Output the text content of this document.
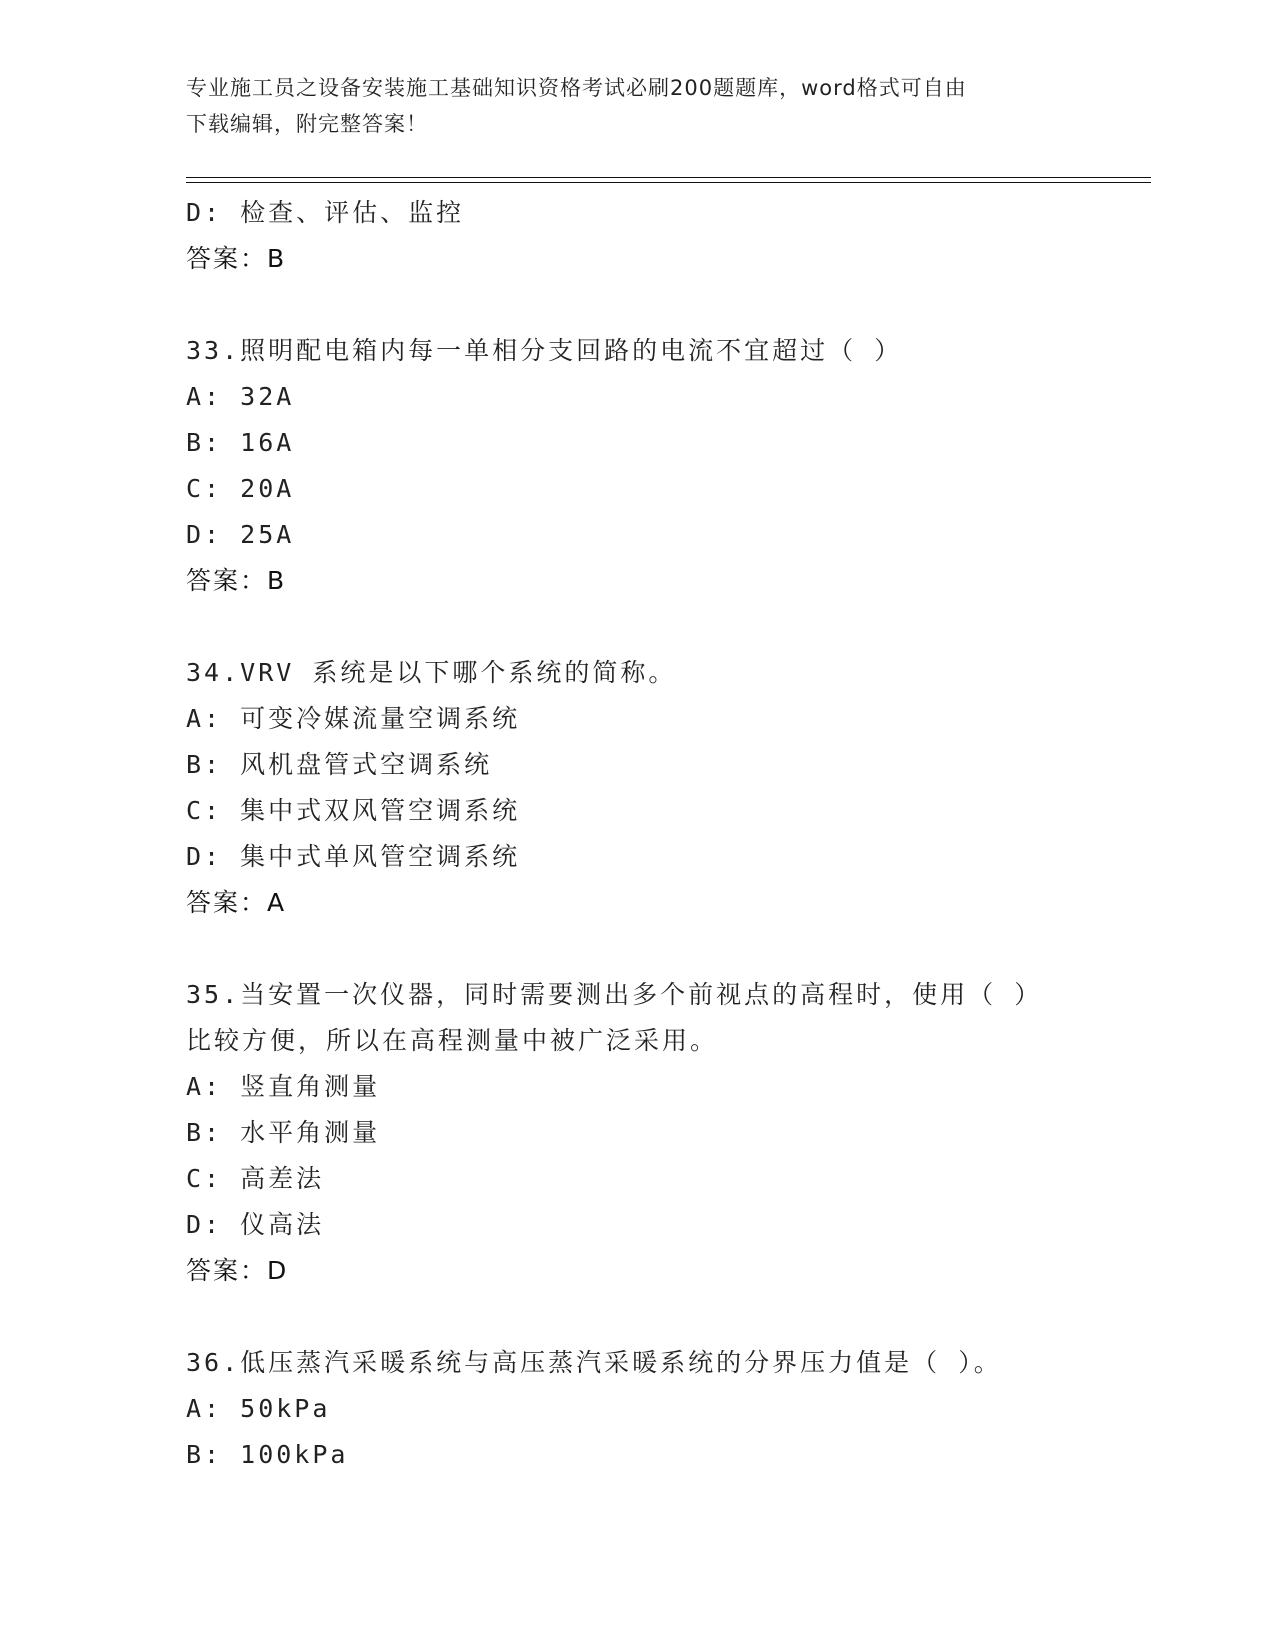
专业施工员之设备安装施工基础知识资格考试必刷200题题库，word格式可自由
下载编辑，附完整答案！
D: 检查、评估、监控
答案：B
33.照明配电箱内每一单相分支回路的电流不宜超过（ ）
A: 32A
B: 16A
C: 20A
D: 25A
答案：B
34.VRV 系统是以下哪个系统的简称。
A: 可变冷媒流量空调系统
B: 风机盘管式空调系统
C: 集中式双风管空调系统
D: 集中式单风管空调系统
答案：A
35.当安置一次仪器，同时需要测出多个前视点的高程时，使用（ ）
比较方便，所以在高程测量中被广泛采用。
A: 竖直角测量
B: 水平角测量
C: 高差法
D: 仪高法
答案：D
36.低压蒸汽采暖系统与高压蒸汽采暖系统的分界压力值是（ ）。
A: 50kPa
B: 100kPa
